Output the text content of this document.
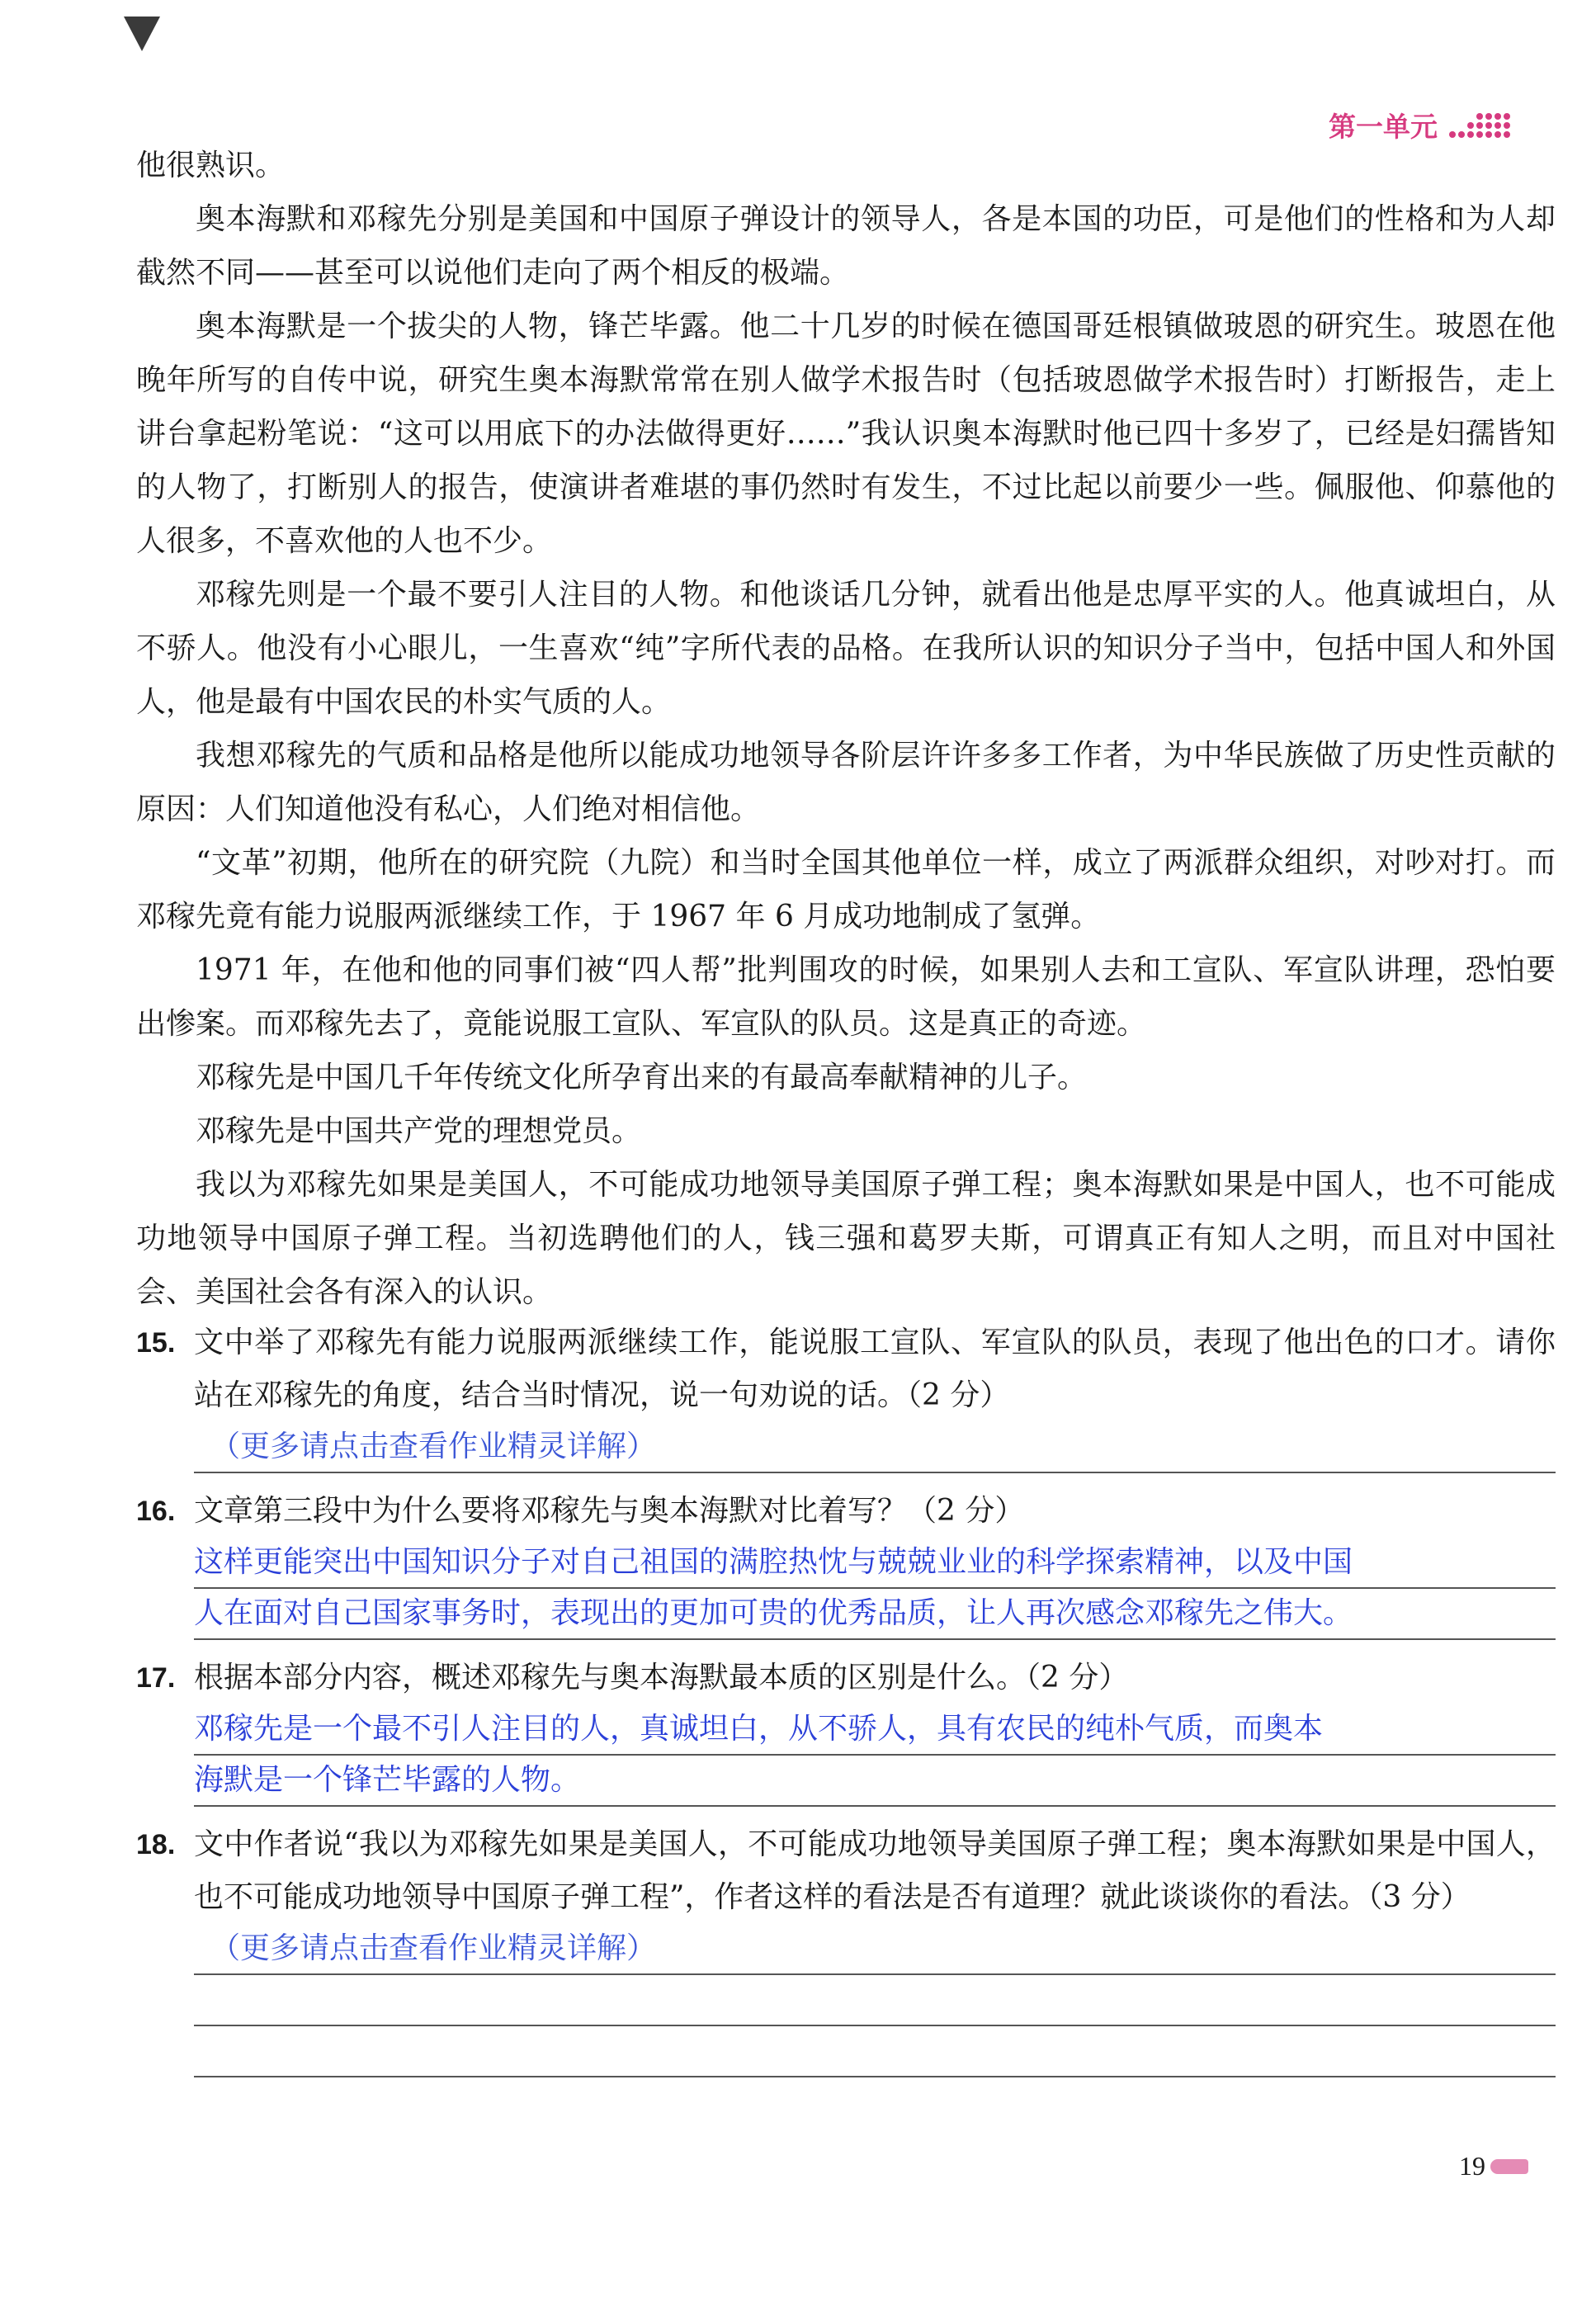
第一单元

他很熟识。

奥本海默和邓稼先分别是美国和中国原子弹设计的领导人，各是本国的功臣，可是他们的性格和为人却截然不同——甚至可以说他们走向了两个相反的极端。

奥本海默是一个拔尖的人物，锋芒毕露。他二十几岁的时候在德国哥廷根镇做玻恩的研究生。玻恩在他晚年所写的自传中说，研究生奥本海默常常在别人做学术报告时（包括玻恩做学术报告时）打断报告，走上讲台拿起粉笔说：“这可以用底下的办法做得更好……”我认识奥本海默时他已四十多岁了，已经是妇孺皆知的人物了，打断别人的报告，使演讲者难堪的事仍然时有发生，不过比起以前要少一些。佩服他、仰慕他的人很多，不喜欢他的人也不少。

邓稼先则是一个最不要引人注目的人物。和他谈话几分钟，就看出他是忠厚平实的人。他真诚坦白，从不骄人。他没有小心眼儿，一生喜欢“纯”字所代表的品格。在我所认识的知识分子当中，包括中国人和外国人，他是最有中国农民的朴实气质的人。

我想邓稼先的气质和品格是他所以能成功地领导各阶层许许多多工作者，为中华民族做了历史性贡献的原因：人们知道他没有私心，人们绝对相信他。

“文革”初期，他所在的研究院（九院）和当时全国其他单位一样，成立了两派群众组织，对吵对打。而邓稼先竟有能力说服两派继续工作，于 1967 年 6 月成功地制成了氢弹。

1971 年，在他和他的同事们被“四人帮”批判围攻的时候，如果别人去和工宣队、军宣队讲理，恐怕要出惨案。而邓稼先去了，竟能说服工宣队、军宣队的队员。这是真正的奇迹。

邓稼先是中国几千年传统文化所孕育出来的有最高奉献精神的儿子。

邓稼先是中国共产党的理想党员。

我以为邓稼先如果是美国人，不可能成功地领导美国原子弹工程；奥本海默如果是中国人，也不可能成功地领导中国原子弹工程。当初选聘他们的人，钱三强和葛罗夫斯，可谓真正有知人之明，而且对中国社会、美国社会各有深入的认识。

15. 文中举了邓稼先有能力说服两派继续工作，能说服工宣队、军宣队的队员，表现了他出色的口才。请你站在邓稼先的角度，结合当时情况，说一句劝说的话。（2 分）
（更多请点击查看作业精灵详解）
16. 文章第三段中为什么要将邓稼先与奥本海默对比着写？（2 分）
这样更能突出中国知识分子对自己祖国的满腔热忱与兢兢业业的科学探索精神，以及中国
人在面对自己国家事务时，表现出的更加可贵的优秀品质，让人再次感念邓稼先之伟大。
17. 根据本部分内容，概述邓稼先与奥本海默最本质的区别是什么。（2 分）
邓稼先是一个最不引人注目的人，真诚坦白，从不骄人，具有农民的纯朴气质，而奥本
海默是一个锋芒毕露的人物。
18. 文中作者说“我以为邓稼先如果是美国人，不可能成功地领导美国原子弹工程；奥本海默如果是中国人，也不可能成功地领导中国原子弹工程”，作者这样的看法是否有道理？就此谈谈你的看法。（3 分）
（更多请点击查看作业精灵详解）
19
